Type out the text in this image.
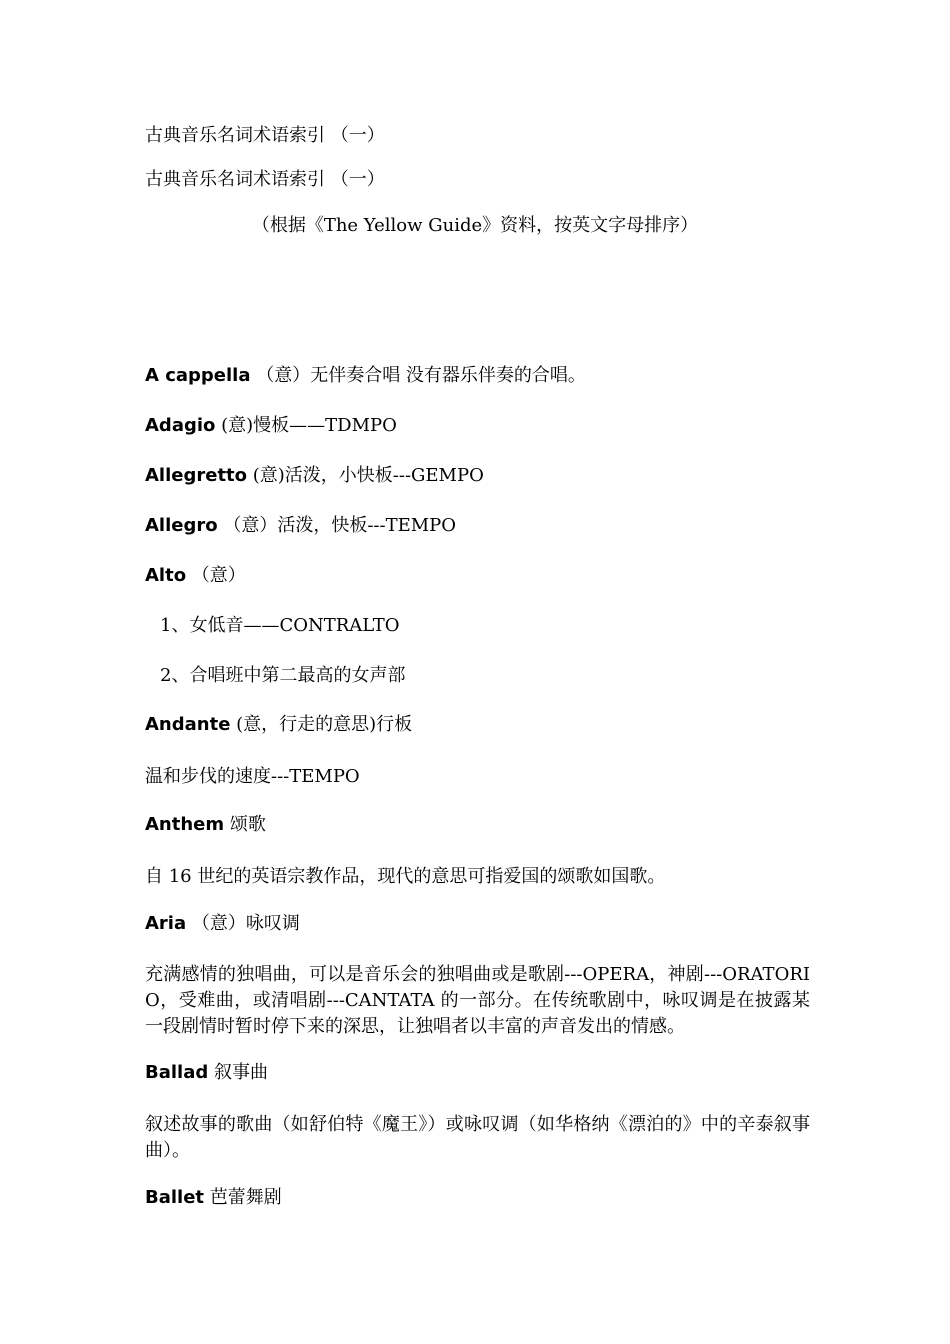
古典音乐名词术语索引 （一）
古典音乐名词术语索引 （一）
（根据《The Yellow Guide》资料，按英文字母排序）
A cappella （意）无伴奏合唱 没有器乐伴奏的合唱。
Adagio (意)慢板——TDMPO
Allegretto (意)活泼，小快板---GEMPO
Allegro （意）活泼，快板---TEMPO
Alto （意）
1、女低音——CONTRALTO
2、合唱班中第二最高的女声部
Andante (意，行走的意思)行板
温和步伐的速度---TEMPO
Anthem 颂歌
自 16 世纪的英语宗教作品，现代的意思可指爱国的颂歌如国歌。
Aria （意）咏叹调
充满感情的独唱曲，可以是音乐会的独唱曲或是歌剧---OPERA，神剧---ORATORIO，受难曲，或清唱剧---CANTATA 的一部分。在传统歌剧中，咏叹调是在披露某一段剧情时暂时停下来的深思，让独唱者以丰富的声音发出的情感。
Ballad 叙事曲
叙述故事的歌曲（如舒伯特《魔王》）或咏叹调（如华格纳《漂泊的》中的辛泰叙事曲）。
Ballet 芭蕾舞剧
